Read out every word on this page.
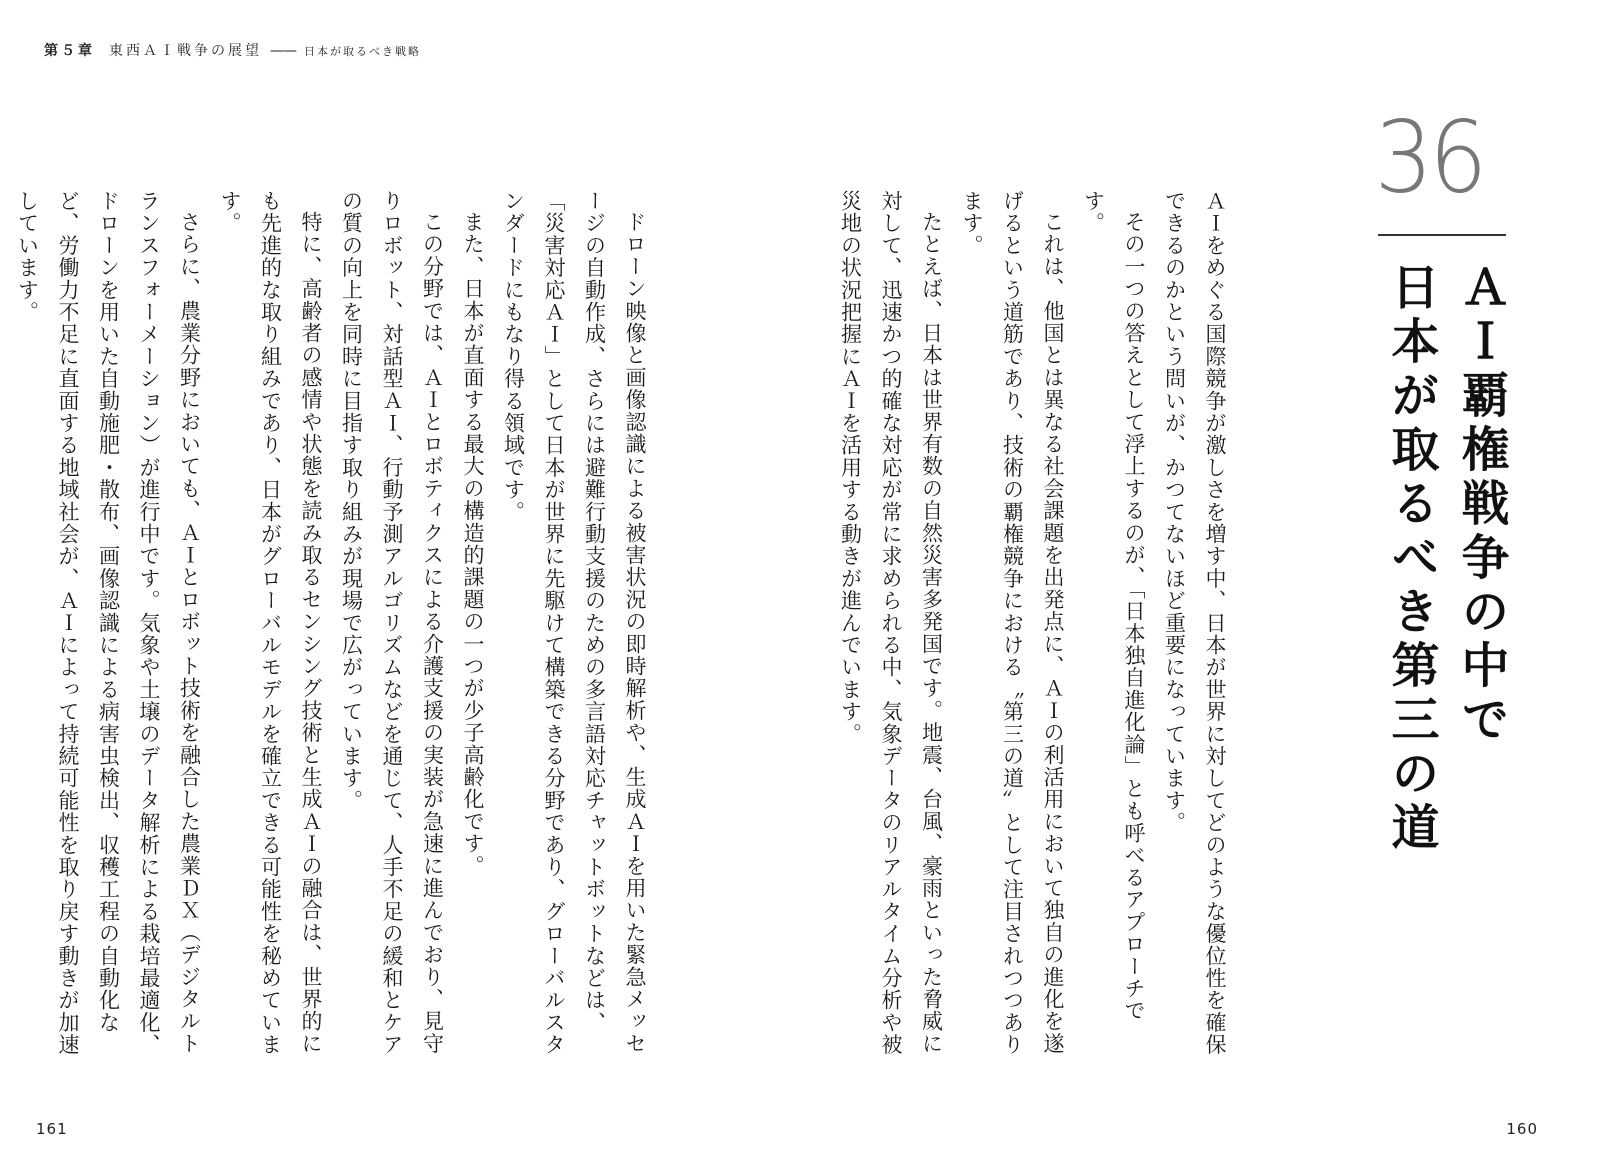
第５章 東西ＡＩ戦争の展望 —— 日本が取るべき戦略
36
ＡＩ覇権戦争の中で
日本が取るべき第三の道

ＡＩをめぐる国際競争が激しさを増す中、日本が世界に対してどのような優位性を確保できるのかという問いが、かつてないほど重要になっています。

その一つの答えとして浮上するのが、「日本独自進化論」とも呼べるアプローチです。

これは、他国とは異なる社会課題を出発点に、ＡＩの利活用において独自の進化を遂げるという道筋であり、技術の覇権競争における〝第三の道〟として注目されつつあります。

たとえば、日本は世界有数の自然災害多発国です。地震、台風、豪雨といった脅威に対して、迅速かつ的確な対応が常に求められる中、気象データのリアルタイム分析や被災地の状況把握にＡＩを活用する動きが進んでいます。

ドローン映像と画像認識による被害状況の即時解析や、生成ＡＩを用いた緊急メッセージの自動作成、さらには避難行動支援のための多言語対応チャットボットなどは、「災害対応ＡＩ」として日本が世界に先駆けて構築できる分野であり、グローバルスタンダードにもなり得る領域です。

また、日本が直面する最大の構造的課題の一つが少子高齢化です。

この分野では、ＡＩとロボティクスによる介護支援の実装が急速に進んでおり、見守りロボット、対話型ＡＩ、行動予測アルゴリズムなどを通じて、人手不足の緩和とケアの質の向上を同時に目指す取り組みが現場で広がっています。

特に、高齢者の感情や状態を読み取るセンシング技術と生成ＡＩの融合は、世界的にも先進的な取り組みであり、日本がグローバルモデルを確立できる可能性を秘めています。

さらに、農業分野においても、ＡＩとロボット技術を融合した農業ＤＸ（デジタルトランスフォーメーション）が進行中です。気象や土壌のデータ解析による栽培最適化、ドローンを用いた自動施肥・散布、画像認識による病害虫検出、収穫工程の自動化など、労働力不足に直面する地域社会が、ＡＩによって持続可能性を取り戻す動きが加速しています。

161	160
